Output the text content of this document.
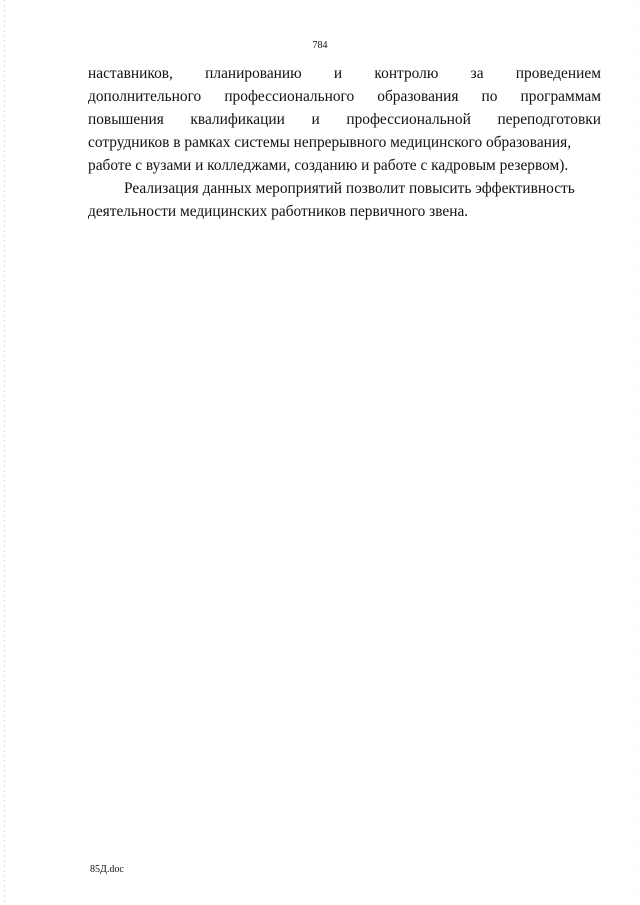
784
наставников, планированию и контролю за проведением
дополнительного профессионального образования по программам
повышения квалификации и профессиональной переподготовки
сотрудников в рамках системы непрерывного медицинского образования,
работе с вузами и колледжами, созданию и работе с кадровым резервом).
Реализация данных мероприятий позволит повысить эффективность
деятельности медицинских работников первичного звена.
85Д.doc
